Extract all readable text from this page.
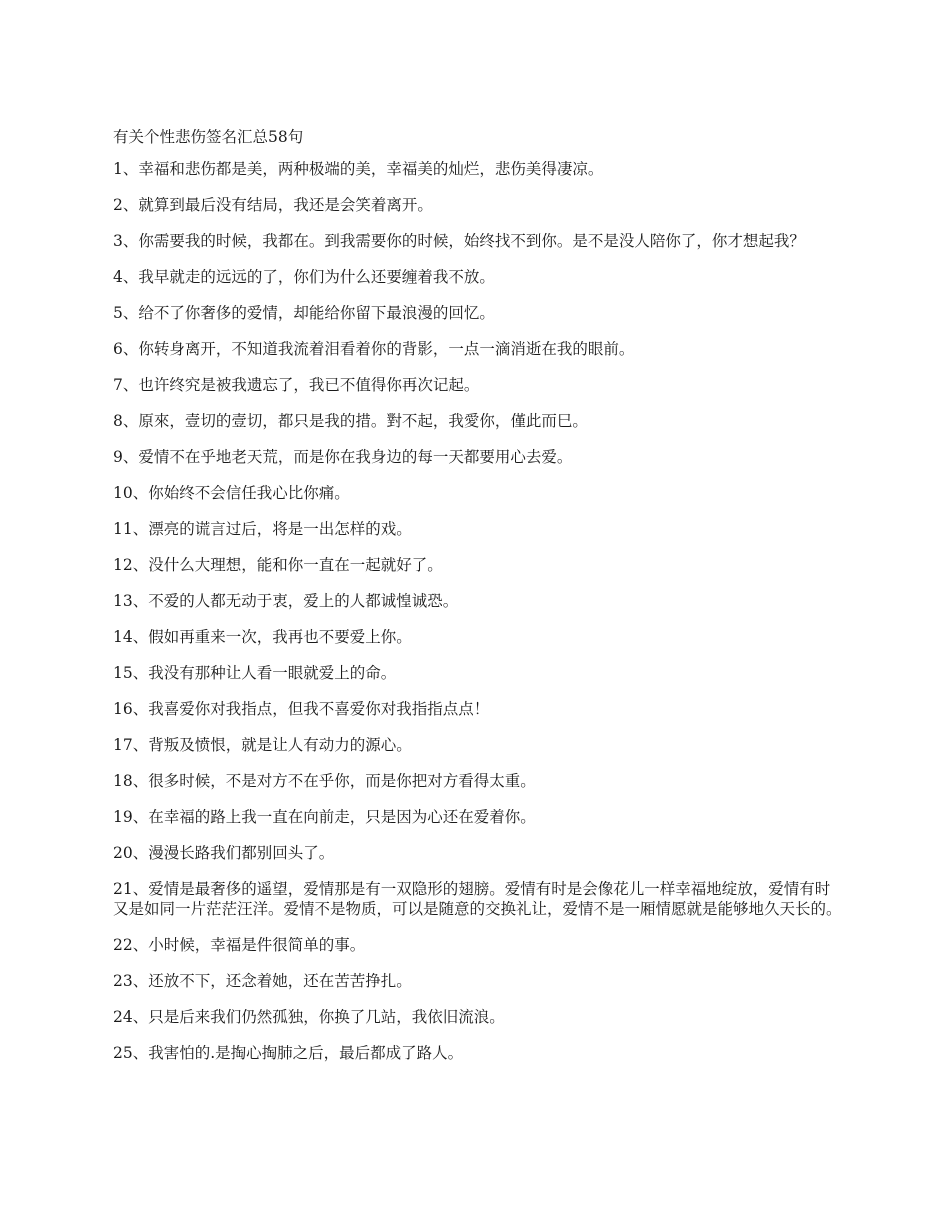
有关个性悲伤签名汇总58句
1、幸福和悲伤都是美，两种极端的美，幸福美的灿烂，悲伤美得凄凉。
2、就算到最后没有结局，我还是会笑着离开。
3、你需要我的时候，我都在。到我需要你的时候，始终找不到你。是不是没人陪你了，你才想起我？
4、我早就走的远远的了，你们为什么还要缠着我不放。
5、给不了你奢侈的爱情，却能给你留下最浪漫的回忆。
6、你转身离开，不知道我流着泪看着你的背影，一点一滴消逝在我的眼前。
7、也许终究是被我遗忘了，我已不值得你再次记起。
8、原來，壹切的壹切，都只是我的措。對不起，我愛你，僅此而巳。
9、爱情不在乎地老天荒，而是你在我身边的每一天都要用心去爱。
10、你始终不会信任我心比你痛。
11、漂亮的谎言过后，将是一出怎样的戏。
12、没什么大理想，能和你一直在一起就好了。
13、不爱的人都无动于衷，爱上的人都诚惶诚恐。
14、假如再重来一次，我再也不要爱上你。
15、我没有那种让人看一眼就爱上的命。
16、我喜爱你对我指点，但我不喜爱你对我指指点点！
17、背叛及愤恨，就是让人有动力的源心。
18、很多时候，不是对方不在乎你，而是你把对方看得太重。
19、在幸福的路上我一直在向前走，只是因为心还在爱着你。
20、漫漫长路我们都别回头了。
21、爱情是最奢侈的遥望，爱情那是有一双隐形的翅膀。爱情有时是会像花儿一样幸福地绽放，爱情有时又是如同一片茫茫汪洋。爱情不是物质，可以是随意的交换礼让，爱情不是一厢情愿就是能够地久天长的。
22、小时候，幸福是件很简单的事。
23、还放不下，还念着她，还在苦苦挣扎。
24、只是后来我们仍然孤独，你换了几站，我依旧流浪。
25、我害怕的.是掏心掏肺之后，最后都成了路人。
